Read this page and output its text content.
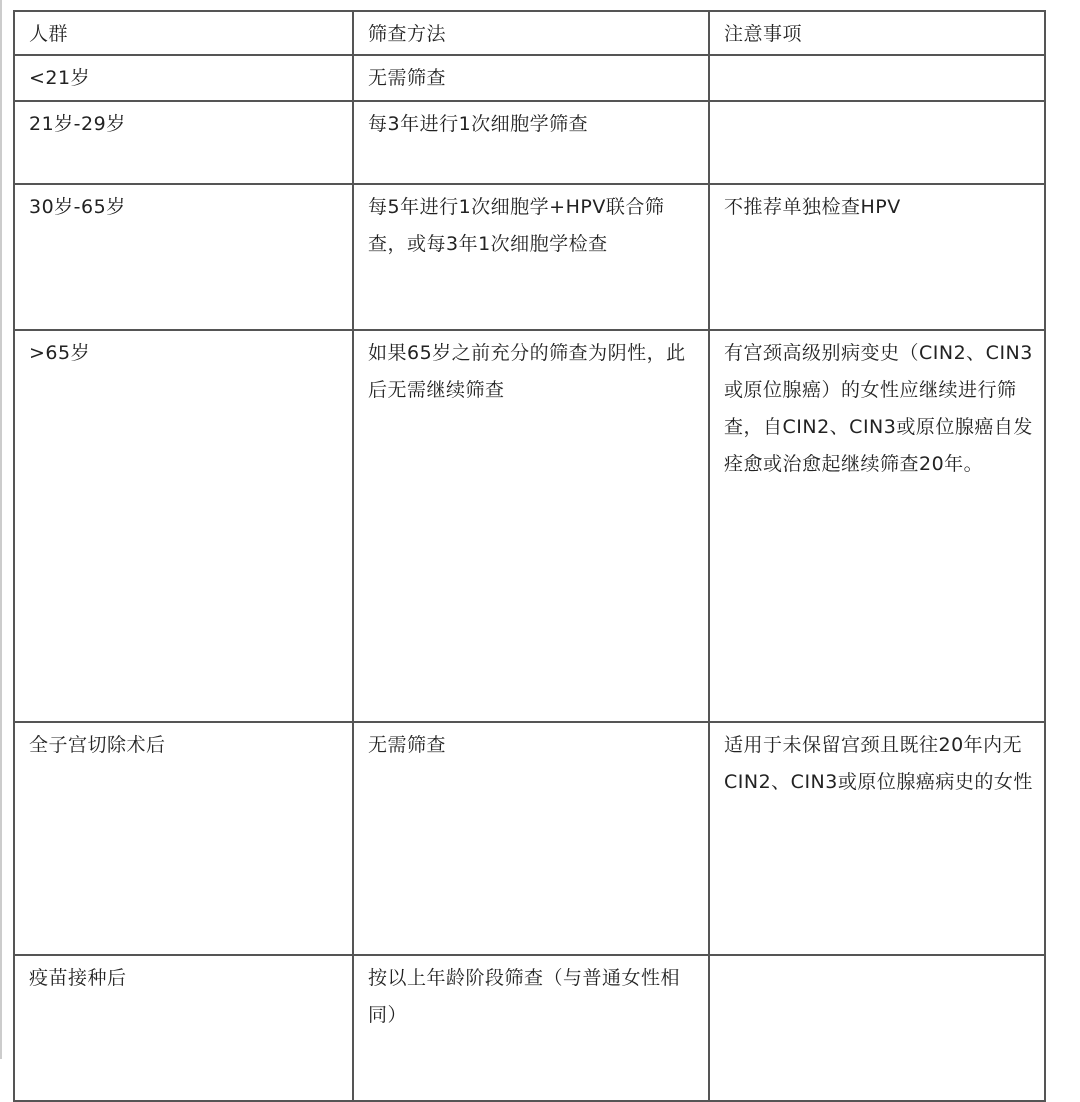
人群	筛查方法	注意事项
<21岁	无需筛查	
21岁-29岁	每3年进行1次细胞学筛查	
30岁-65岁	每5年进行1次细胞学+HPV联合筛查，或每3年1次细胞学检查	不推荐单独检查HPV
>65岁	如果65岁之前充分的筛查为阴性，此后无需继续筛查	有宫颈高级别病变史（CIN2、CIN3或原位腺癌）的女性应继续进行筛查，自CIN2、CIN3或原位腺癌自发痊愈或治愈起继续筛查20年。
全子宫切除术后	无需筛查	适用于未保留宫颈且既往20年内无CIN2、CIN3或原位腺癌病史的女性
疫苗接种后	按以上年龄阶段筛查（与普通女性相同）	
